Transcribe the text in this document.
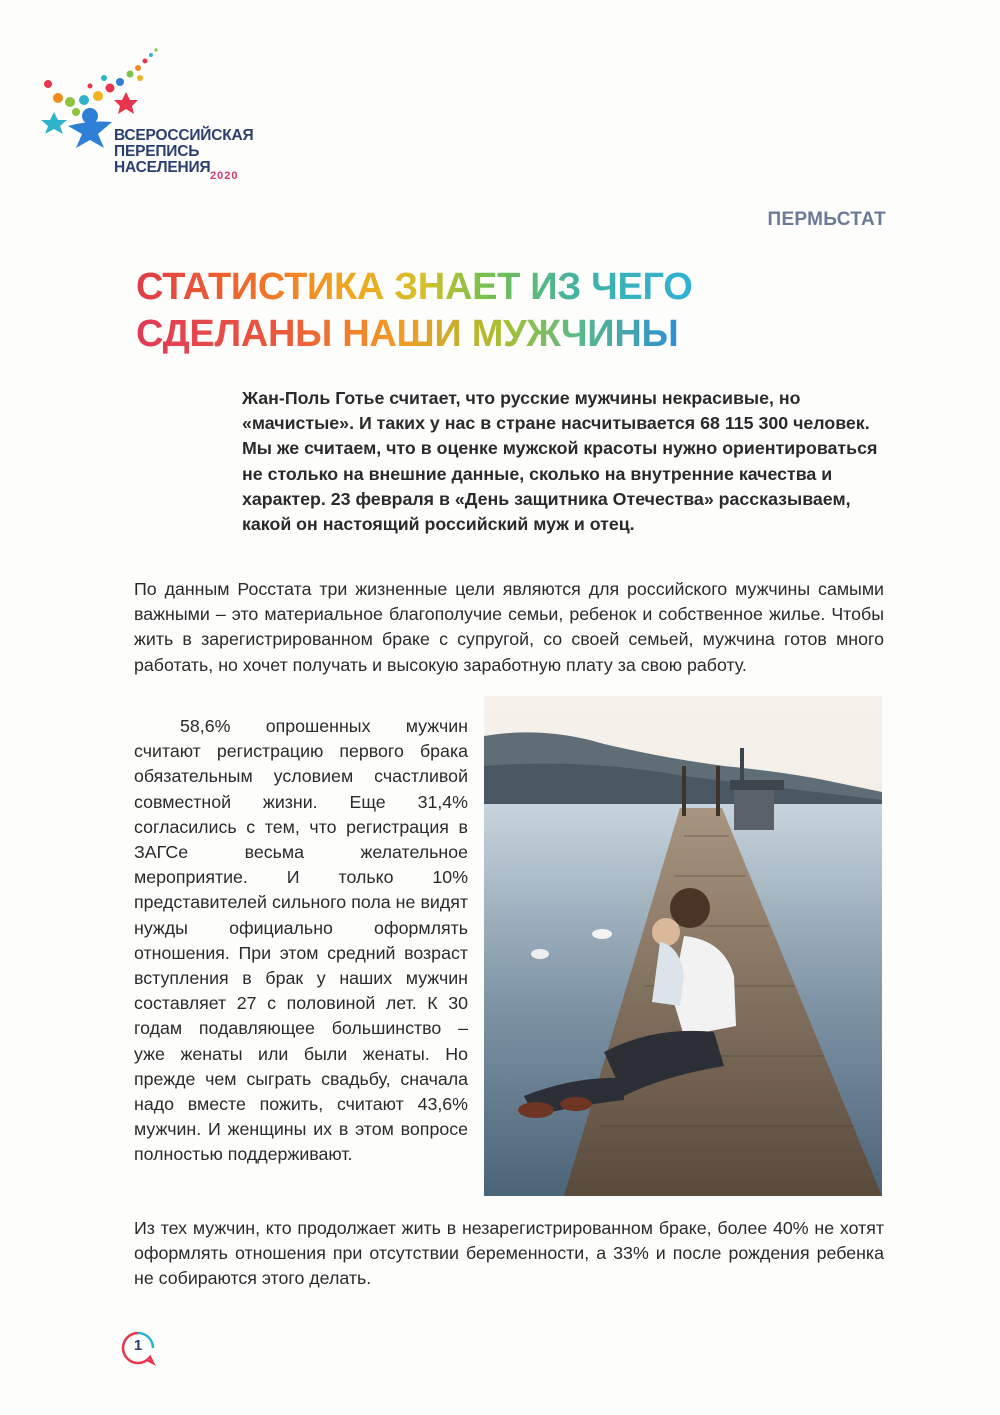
ВСЕРОССИЙСКАЯ
ПЕРЕПИСЬ
НАСЕЛЕНИЯ 2020
ПЕРМЬСТАТ
СТАТИСТИКА ЗНАЕТ ИЗ ЧЕГО
СДЕЛАНЫ НАШИ МУЖЧИНЫ

Жан-Поль Готье считает, что русские мужчины некрасивые, но «мачистые». И таких у нас в стране насчитывается 68 115 300 человек. Мы же считаем, что в оценке мужской красоты нужно ориентироваться не столько на внешние данные, сколько на внутренние качества и характер. 23 февраля в «День защитника Отечества» рассказываем, какой он настоящий российский муж и отец.

По данным Росстата три жизненные цели являются для российского мужчины самыми важными – это материальное благополучие семьи, ребенок и собственное жилье. Чтобы жить в зарегистрированном браке с супругой, со своей семьей, мужчина готов много работать, но хочет получать и высокую заработную плату за свою работу.

58,6% опрошенных мужчин считают регистрацию первого брака обязательным условием счастливой совместной жизни. Еще 31,4% согласились с тем, что регистрация в ЗАГСе весьма желательное мероприятие. И только 10% представителей сильного пола не видят нужды официально оформлять отношения. При этом средний возраст вступления в брак у наших мужчин составляет 27 с половиной лет. К 30 годам подавляющее большинство – уже женаты или были женаты. Но прежде чем сыграть свадьбу, сначала надо вместе пожить, считают 43,6% мужчин. И женщины их в этом вопросе полностью поддерживают.

Из тех мужчин, кто продолжает жить в незарегистрированном браке, более 40% не хотят оформлять отношения при отсутствии беременности, а 33% и после рождения ребенка не собираются этого делать.

1
